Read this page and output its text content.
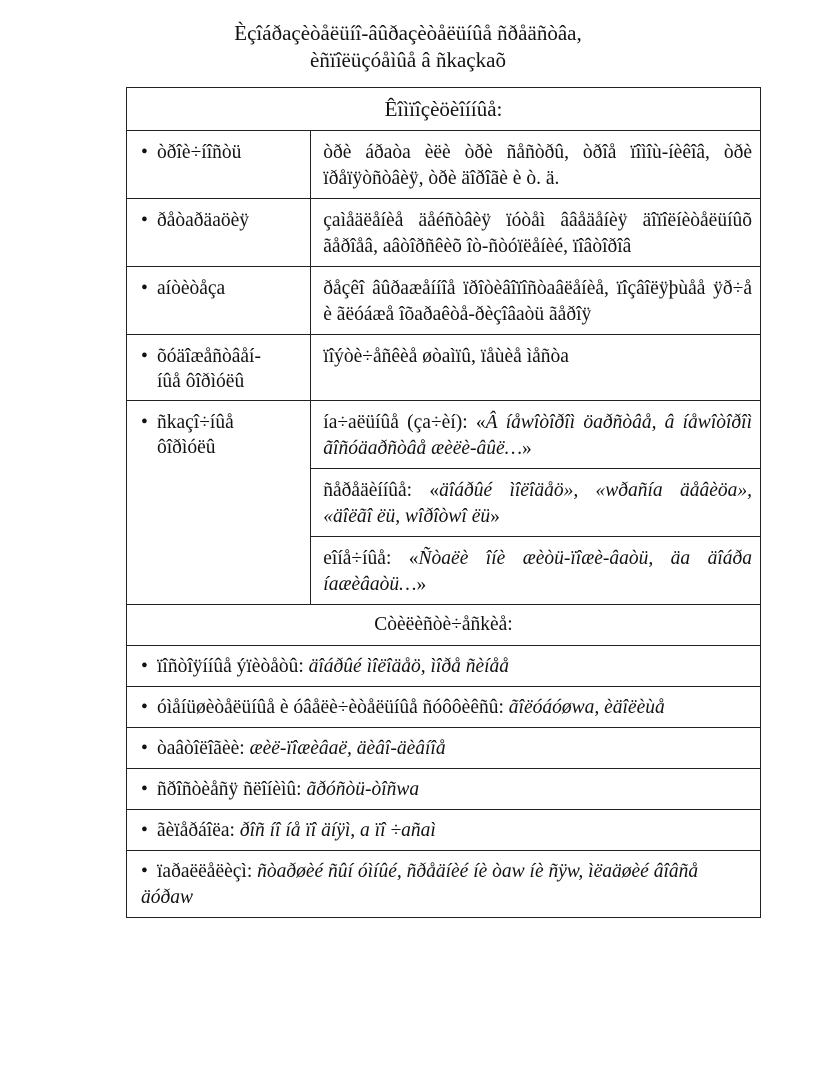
Èçîáðaçèòåëüíî-âûðaçèòåëüíûå ñðåäñòâa,
èñïîëüçóåìûå â ñkaçkaõ
Êîìïîçèöèîííûå:	
• òðîè÷íîñòü	òðè áðaòa èëè òðè ñåñòðû, òðîå ïîìîù-íèêîâ, òðè ïðåïÿòñòâèÿ, òðè äîðîãè è ò. ä.
• ðåòaðäaöèÿ	çaìåäëåíèå äåéñòâèÿ ïóòåì ââåäåíèÿ äîïîëíèòåëüíûõ ãåðîåâ, aâòîðñêèõ îò-ñòóïëåíèé, ïîâòîðîâ
• aíòèòåça	ðåçêî âûðaæåííîå ïðîòèâîïîñòaâëåíèå, ïîçâîëÿþùåå ÿð÷å è ãëóáæå îõaðaêòå-ðèçîâaòü ãåðîÿ
• õóäîæåñòâåí-
íûå ôîðìóëû	ïîýòè÷åñêèå øòaìïû, ïåùèå ìåñòa
• ñkaçî÷íûå
ôîðìóëû	ía÷aëüíûå (ça÷èí): «Â íåwîòîðîì öaðñòâå, â íåwîòîðîì ãîñóäaðñòâå æèëè-âûë…»
	ñåðåäèííûå: «äîáðûé ìîëîäåö», «wðañía äåâèöa», «äîëãî ëü, wîðîòwî ëü»
	eîíå÷íûå: «Ñòaëè îíè æèòü-ïîæè-âaòü, äa äîáða íaæèâaòü…»
Còèëèñòè÷åñkèå:	
• ïîñòîÿííûå ýïèòåòû: äîáðûé ìîëîäåö, ìîðå ñèíåå	
• óìåíüøèòåëüíûå è óâåëè÷èòåëüíûå ñóôôèêñû: ãîëóáóøwa, èäîëèùå	
• òaâòîëîãèè: æèë-ïîæèâaë, äèâî-äèâíîå	
• ñðîñòèåñÿ ñëîíèìû: ãðóñòü-òîñwa	
• ãèïåðáîëa: ðîñ íî íå ïî äíÿì, a ïî ÷añaì	
• ïaðaëëåëèçì: ñòaðøèé ñûí óìíûé, ñðåäíèé íè òaw íè ñÿw, ìëaäøèé âîâñå äóðaw	
